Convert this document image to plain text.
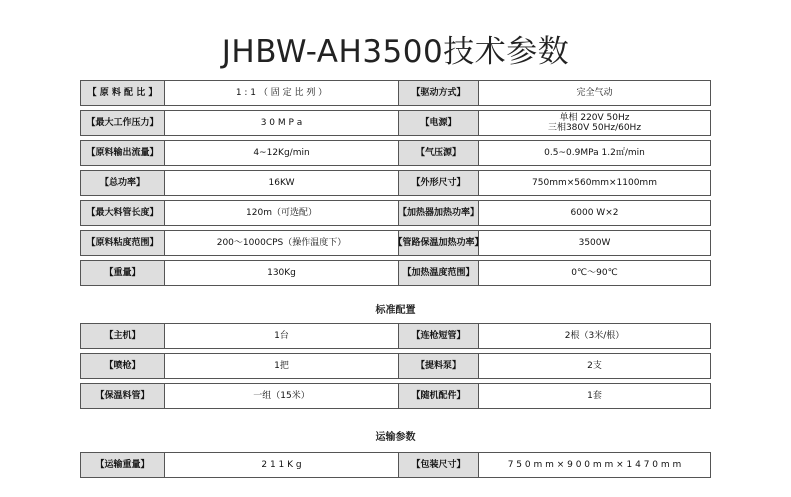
JHBW-AH3500技术参数
【 原 料 配 比 】	1 : 1 （ 固 定 比 列 ）	【驱动方式】	完全气动
【最大工作压力】	3 0 M P a	【电源】
单相 220V 50Hz
三相380V 50Hz/60Hz
【原料输出流量】	4~12Kg/min	【气压源】	0.5~0.9MPa 1.2㎡/min
【总功率】	16KW	【外形尺寸】	750mm×560mm×1100mm
【最大料管长度】	120m（可选配）	【加热器加热功率】	6000 W×2
【原料粘度范围】	200～1000CPS（操作温度下）	【管路保温加热功率】	3500W
【重量】	130Kg	【加热温度范围】	0℃～90℃
标准配置
【主机】	1台	【连枪短管】	2根（3米/根）
【喷枪】	1把	【提料泵】	2支
【保温料管】	一组（15米）	【随机配件】	1套
运输参数
【运输重量】	2 1 1 K g	【包装尺寸】	7 5 0 m m × 9 0 0 m m × 1 4 7 0 m m
